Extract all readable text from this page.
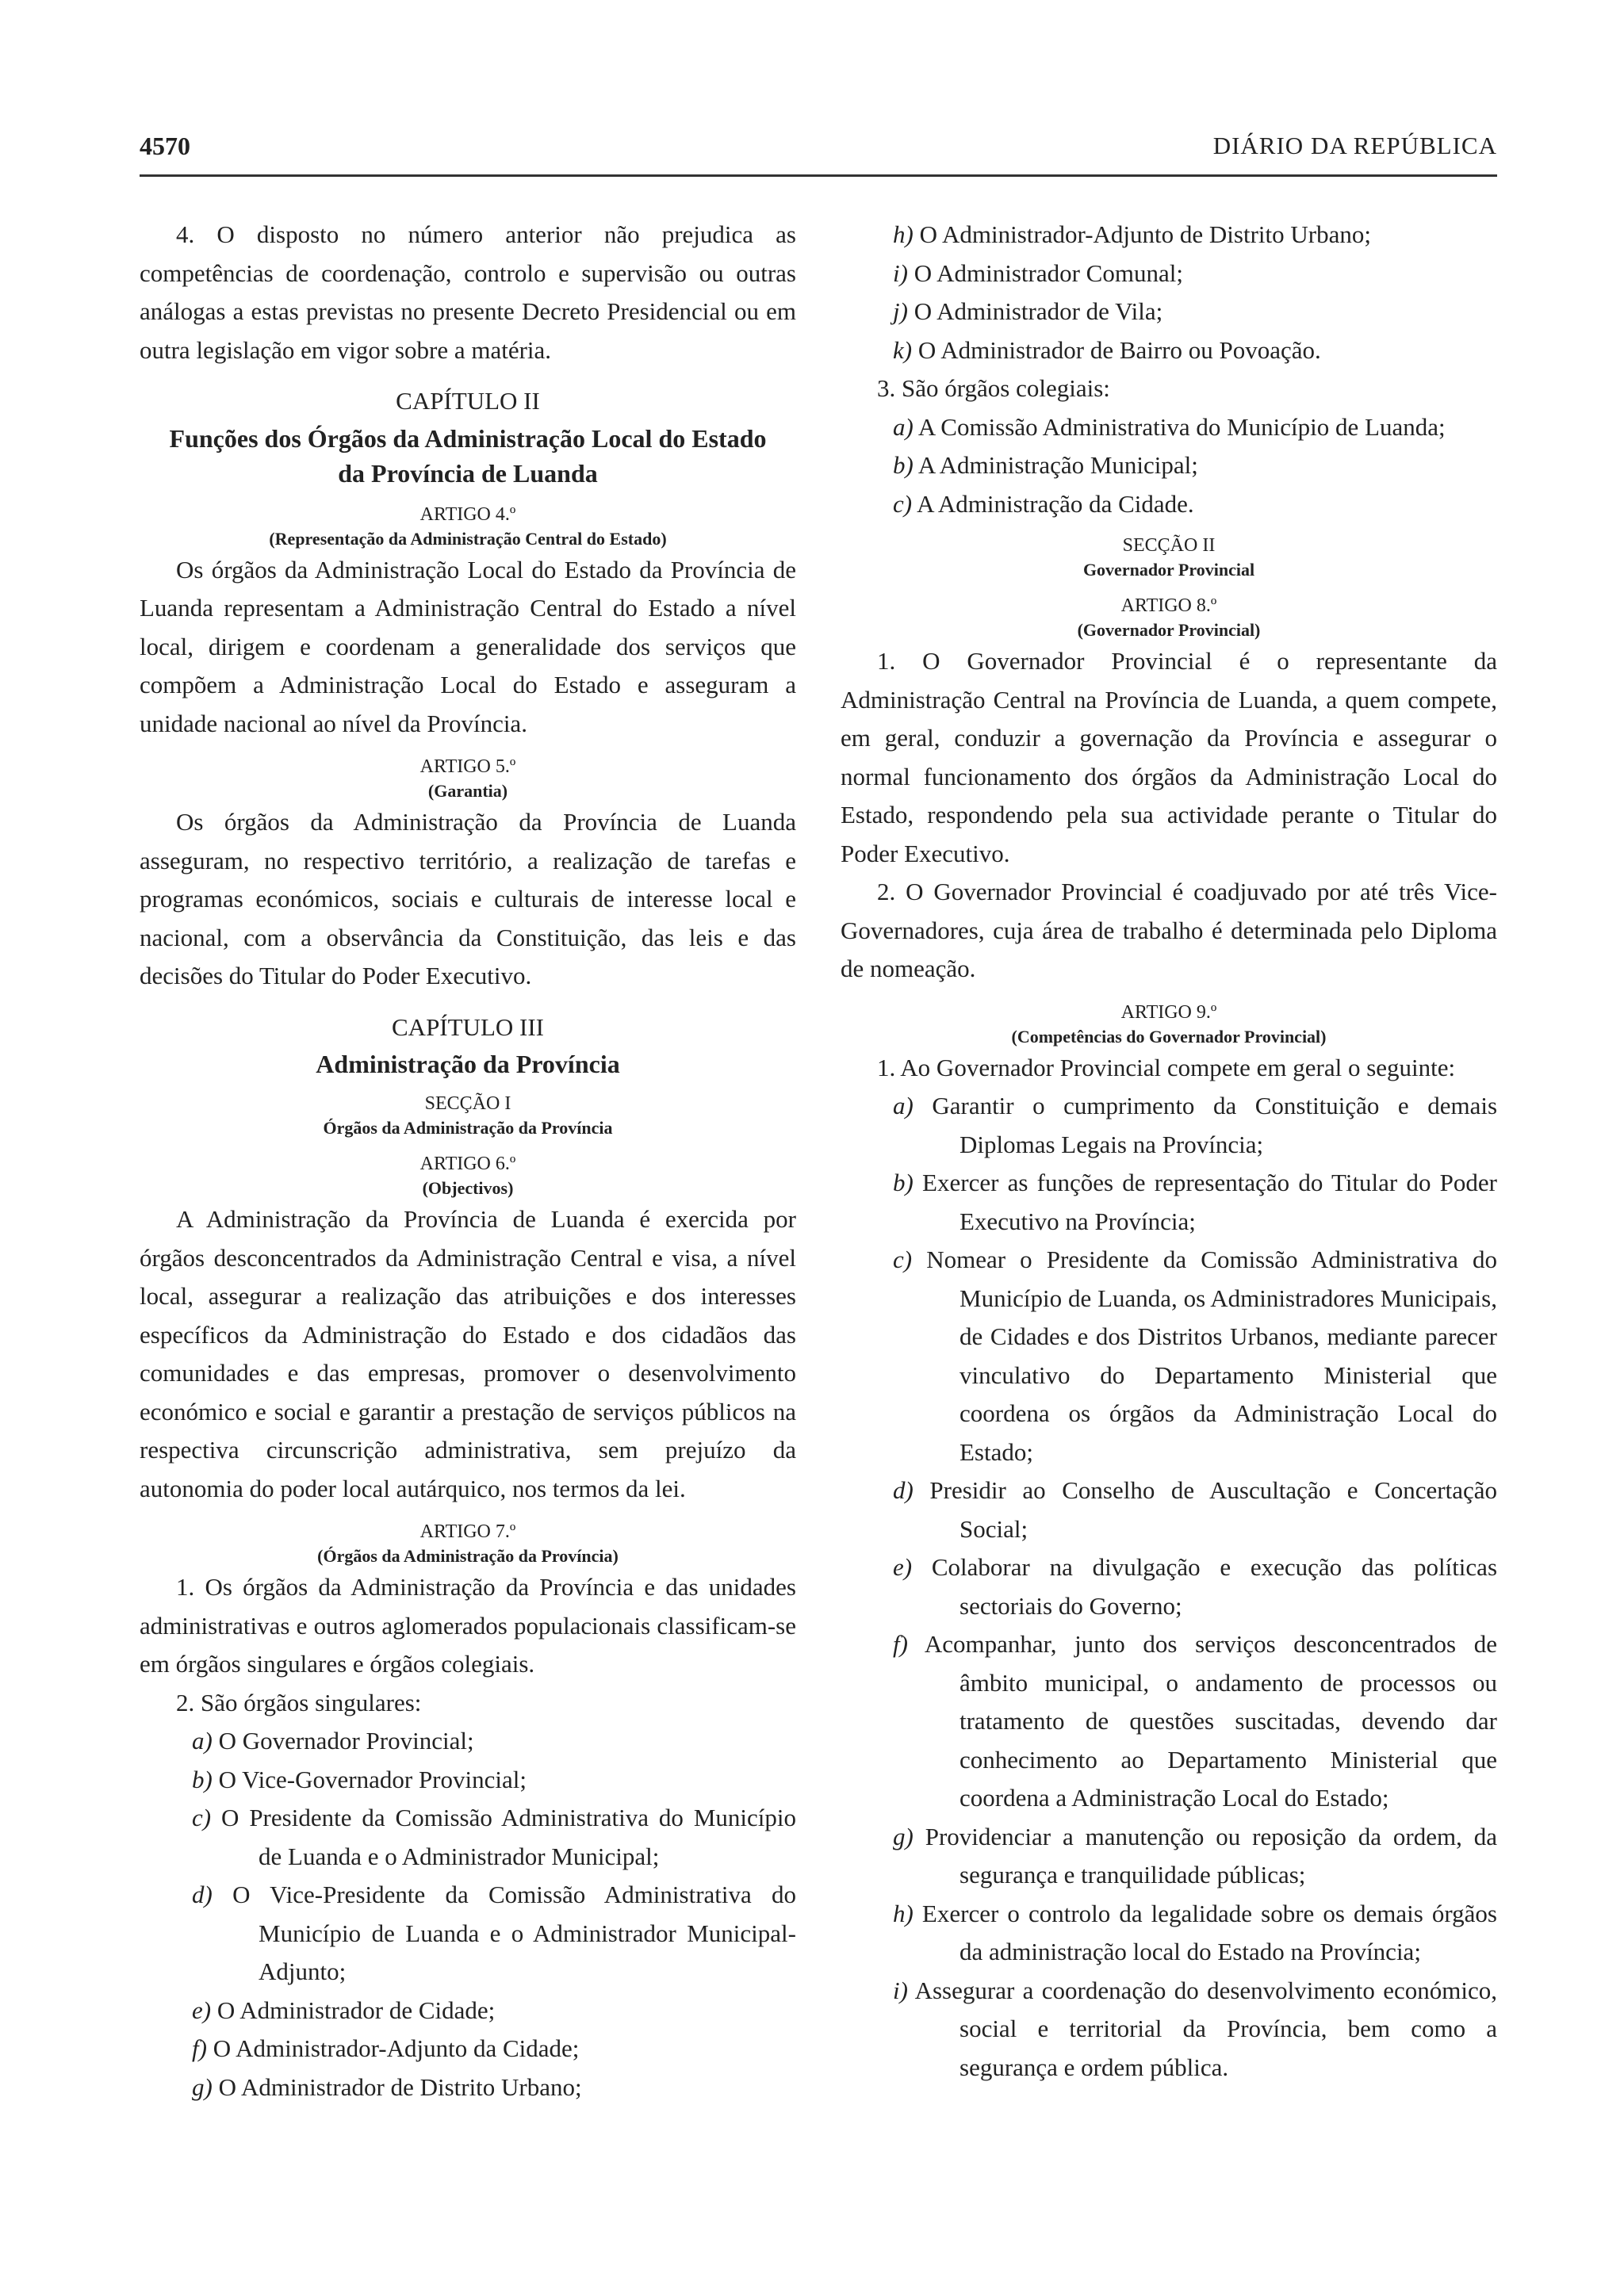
4570	DIÁRIO DA REPÚBLICA

4. O disposto no número anterior não prejudica as competências de coordenação, controlo e supervisão ou outras análogas a estas previstas no presente Decreto Presidencial ou em outra legislação em vigor sobre a matéria.

CAPÍTULO II

Funções dos Órgãos da Administração Local do Estado

da Província de Luanda

ARTIGO 4.º

(Representação da Administração Central do Estado)

Os órgãos da Administração Local do Estado da Província de Luanda representam a Administração Central do Estado a nível local, dirigem e coordenam a generalidade dos serviços que compõem a Administração Local do Estado e asseguram a unidade nacional ao nível da Província.

ARTIGO 5.º

(Garantia)

Os órgãos da Administração da Província de Luanda asseguram, no respectivo território, a realização de tarefas e programas económicos, sociais e culturais de interesse local e nacional, com a observância da Constituição, das leis e das decisões do Titular do Poder Executivo.

CAPÍTULO III

Administração da Província

SECÇÃO I

Órgãos da Administração da Província

ARTIGO 6.º

(Objectivos)

A Administração da Província de Luanda é exercida por órgãos desconcentrados da Administração Central e visa, a nível local, assegurar a realização das atribuições e dos interesses específicos da Administração do Estado e dos cidadãos das comunidades e das empresas, promover o desenvolvimento económico e social e garantir a prestação de serviços públicos na respectiva circunscrição administrativa, sem prejuízo da autonomia do poder local autárquico, nos termos da lei.

ARTIGO 7.º

(Órgãos da Administração da Província)

1. Os órgãos da Administração da Província e das unidades administrativas e outros aglomerados populacionais classificam-se em órgãos singulares e órgãos colegiais.

2. São órgãos singulares:

a) O Governador Provincial;

b) O Vice-Governador Provincial;

c) O Presidente da Comissão Administrativa do Município de Luanda e o Administrador Municipal;

d) O Vice-Presidente da Comissão Administrativa do Município de Luanda e o Administrador Municipal-Adjunto;

e) O Administrador de Cidade;

f) O Administrador-Adjunto da Cidade;

g) O Administrador de Distrito Urbano;

h) O Administrador-Adjunto de Distrito Urbano;

i) O Administrador Comunal;

j) O Administrador de Vila;

k) O Administrador de Bairro ou Povoação.

3. São órgãos colegiais:

a) A Comissão Administrativa do Município de Luanda;

b) A Administração Municipal;

c) A Administração da Cidade.

SECÇÃO II

Governador Provincial

ARTIGO 8.º

(Governador Provincial)

1. O Governador Provincial é o representante da Administração Central na Província de Luanda, a quem compete, em geral, conduzir a governação da Província e assegurar o normal funcionamento dos órgãos da Administração Local do Estado, respondendo pela sua actividade perante o Titular do Poder Executivo.

2. O Governador Provincial é coadjuvado por até três Vice-Governadores, cuja área de trabalho é determinada pelo Diploma de nomeação.

ARTIGO 9.º

(Competências do Governador Provincial)

1. Ao Governador Provincial compete em geral o seguinte:

a) Garantir o cumprimento da Constituição e demais Diplomas Legais na Província;

b) Exercer as funções de representação do Titular do Poder Executivo na Província;

c) Nomear o Presidente da Comissão Administrativa do Município de Luanda, os Administradores Municipais, de Cidades e dos Distritos Urbanos, mediante parecer vinculativo do Departamento Ministerial que coordena os órgãos da Administração Local do Estado;

d) Presidir ao Conselho de Auscultação e Concertação Social;

e) Colaborar na divulgação e execução das políticas sectoriais do Governo;

f) Acompanhar, junto dos serviços desconcentrados de âmbito municipal, o andamento de processos ou tratamento de questões suscitadas, devendo dar conhecimento ao Departamento Ministerial que coordena a Administração Local do Estado;

g) Providenciar a manutenção ou reposição da ordem, da segurança e tranquilidade públicas;

h) Exercer o controlo da legalidade sobre os demais órgãos da administração local do Estado na Província;

i) Assegurar a coordenação do desenvolvimento económico, social e territorial da Província, bem como a segurança e ordem pública.
